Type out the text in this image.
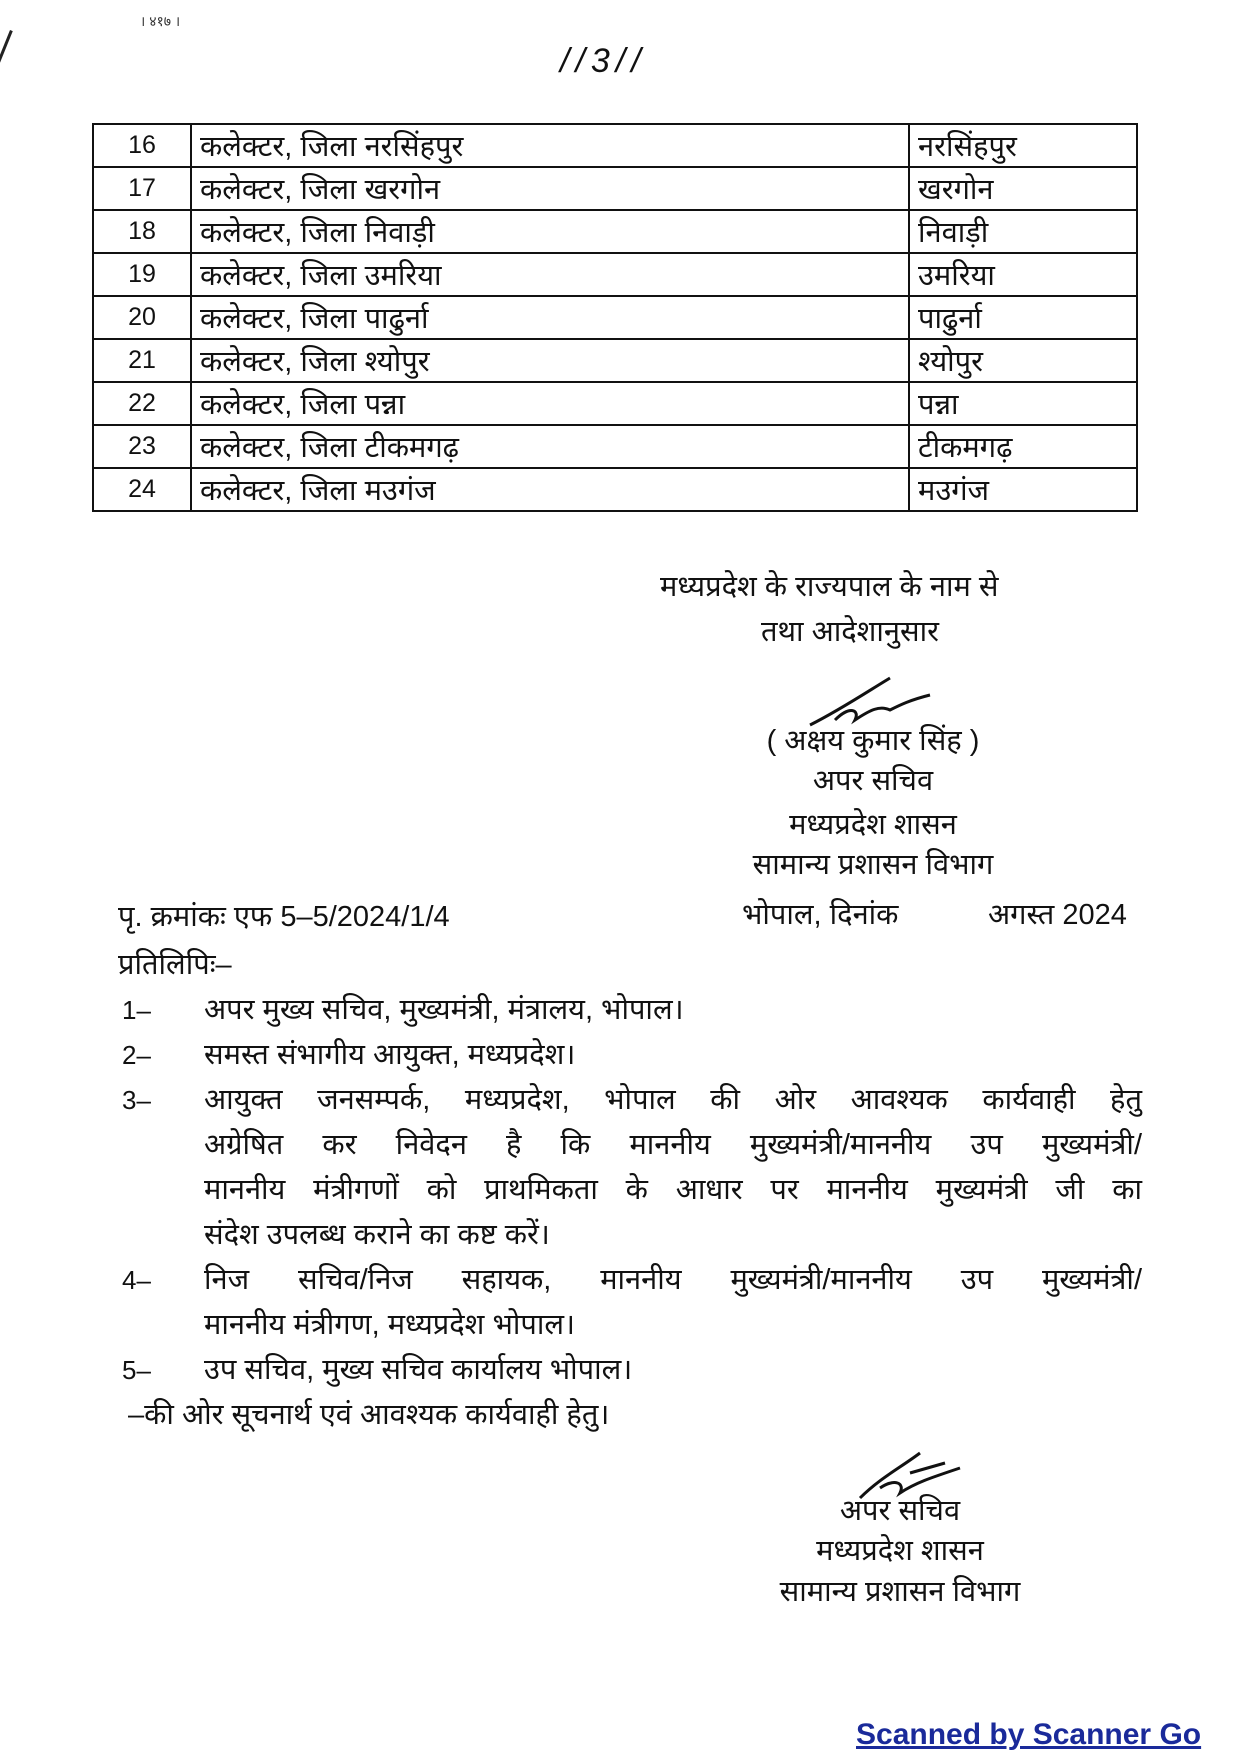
। ४१७ ।
//3//
16	कलेक्टर, जिला नरसिंहपुर	नरसिंहपुर
17	कलेक्टर, जिला खरगोन	खरगोन
18	कलेक्टर, जिला निवाड़ी	निवाड़ी
19	कलेक्टर, जिला उमरिया	उमरिया
20	कलेक्टर, जिला पाढुर्ना	पाढुर्ना
21	कलेक्टर, जिला श्योपुर	श्योपुर
22	कलेक्टर, जिला पन्ना	पन्ना
23	कलेक्टर, जिला टीकमगढ़	टीकमगढ़
24	कलेक्टर, जिला मउगंज	मउगंज
मध्यप्रदेश के राज्यपाल के नाम से
तथा आदेशानुसार
( अक्षय कुमार सिंह )
अपर सचिव
मध्यप्रदेश शासन
सामान्य प्रशासन विभाग
पृ. क्रमांकः एफ 5–5/2024/1/4	भोपाल, दिनांक	अगस्त 2024
प्रतिलिपिः–
1–	अपर मुख्य सचिव, मुख्यमंत्री, मंत्रालय, भोपाल।
2–	समस्त संभागीय आयुक्त, मध्यप्रदेश।
3–	आयुक्त जनसम्पर्क, मध्यप्रदेश, भोपाल की ओर आवश्यक कार्यवाही हेतु
अग्रेषित कर निवेदन है कि माननीय मुख्यमंत्री/माननीय उप मुख्यमंत्री/
माननीय मंत्रीगणों को प्राथमिकता के आधार पर माननीय मुख्यमंत्री जी का
संदेश उपलब्ध कराने का कष्ट करें।
4–	निज सचिव/निज सहायक, माननीय मुख्यमंत्री/माननीय उप मुख्यमंत्री/
माननीय मंत्रीगण, मध्यप्रदेश भोपाल।
5–	उप सचिव, मुख्य सचिव कार्यालय भोपाल।
–की ओर सूचनार्थ एवं आवश्यक कार्यवाही हेतु।
अपर सचिव
मध्यप्रदेश शासन
सामान्य प्रशासन विभाग
Scanned by Scanner Go
